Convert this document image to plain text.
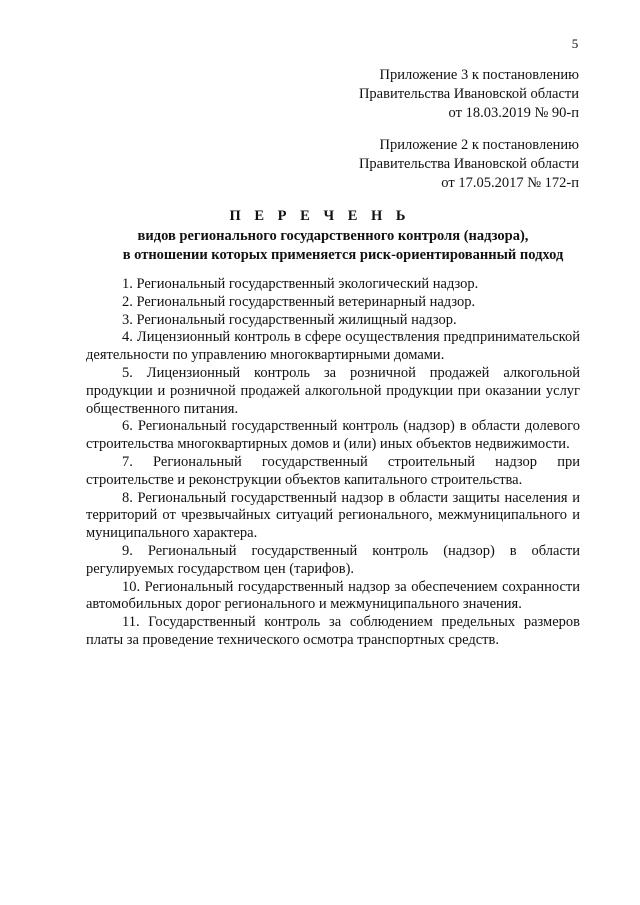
5
Приложение 3 к постановлению
Правительства Ивановской области
от 18.03.2019 № 90-п
Приложение 2 к постановлению
Правительства Ивановской области
от 17.05.2017 № 172-п
П Е Р Е Ч Е Н Ь
видов регионального государственного контроля (надзора),
в отношении которых применяется риск-ориентированный подход
1. Региональный государственный экологический надзор.
2. Региональный государственный ветеринарный надзор.
3. Региональный государственный жилищный надзор.
4. Лицензионный контроль в сфере осуществления предпринимательской деятельности по управлению многоквартирными домами.
5. Лицензионный контроль за розничной продажей алкогольной продукции и розничной продажей алкогольной продукции при оказании услуг общественного питания.
6. Региональный государственный контроль (надзор) в области долевого строительства многоквартирных домов и (или) иных объектов недвижимости.
7. Региональный государственный строительный надзор при строительстве и реконструкции объектов капитального строительства.
8. Региональный государственный надзор в области защиты населения и территорий от чрезвычайных ситуаций регионального, межмуниципального и муниципального характера.
9. Региональный государственный контроль (надзор) в области регулируемых государством цен (тарифов).
10. Региональный государственный надзор за обеспечением сохранности автомобильных дорог регионального и межмуниципального значения.
11. Государственный контроль за соблюдением предельных размеров платы за проведение технического осмотра транспортных средств.
